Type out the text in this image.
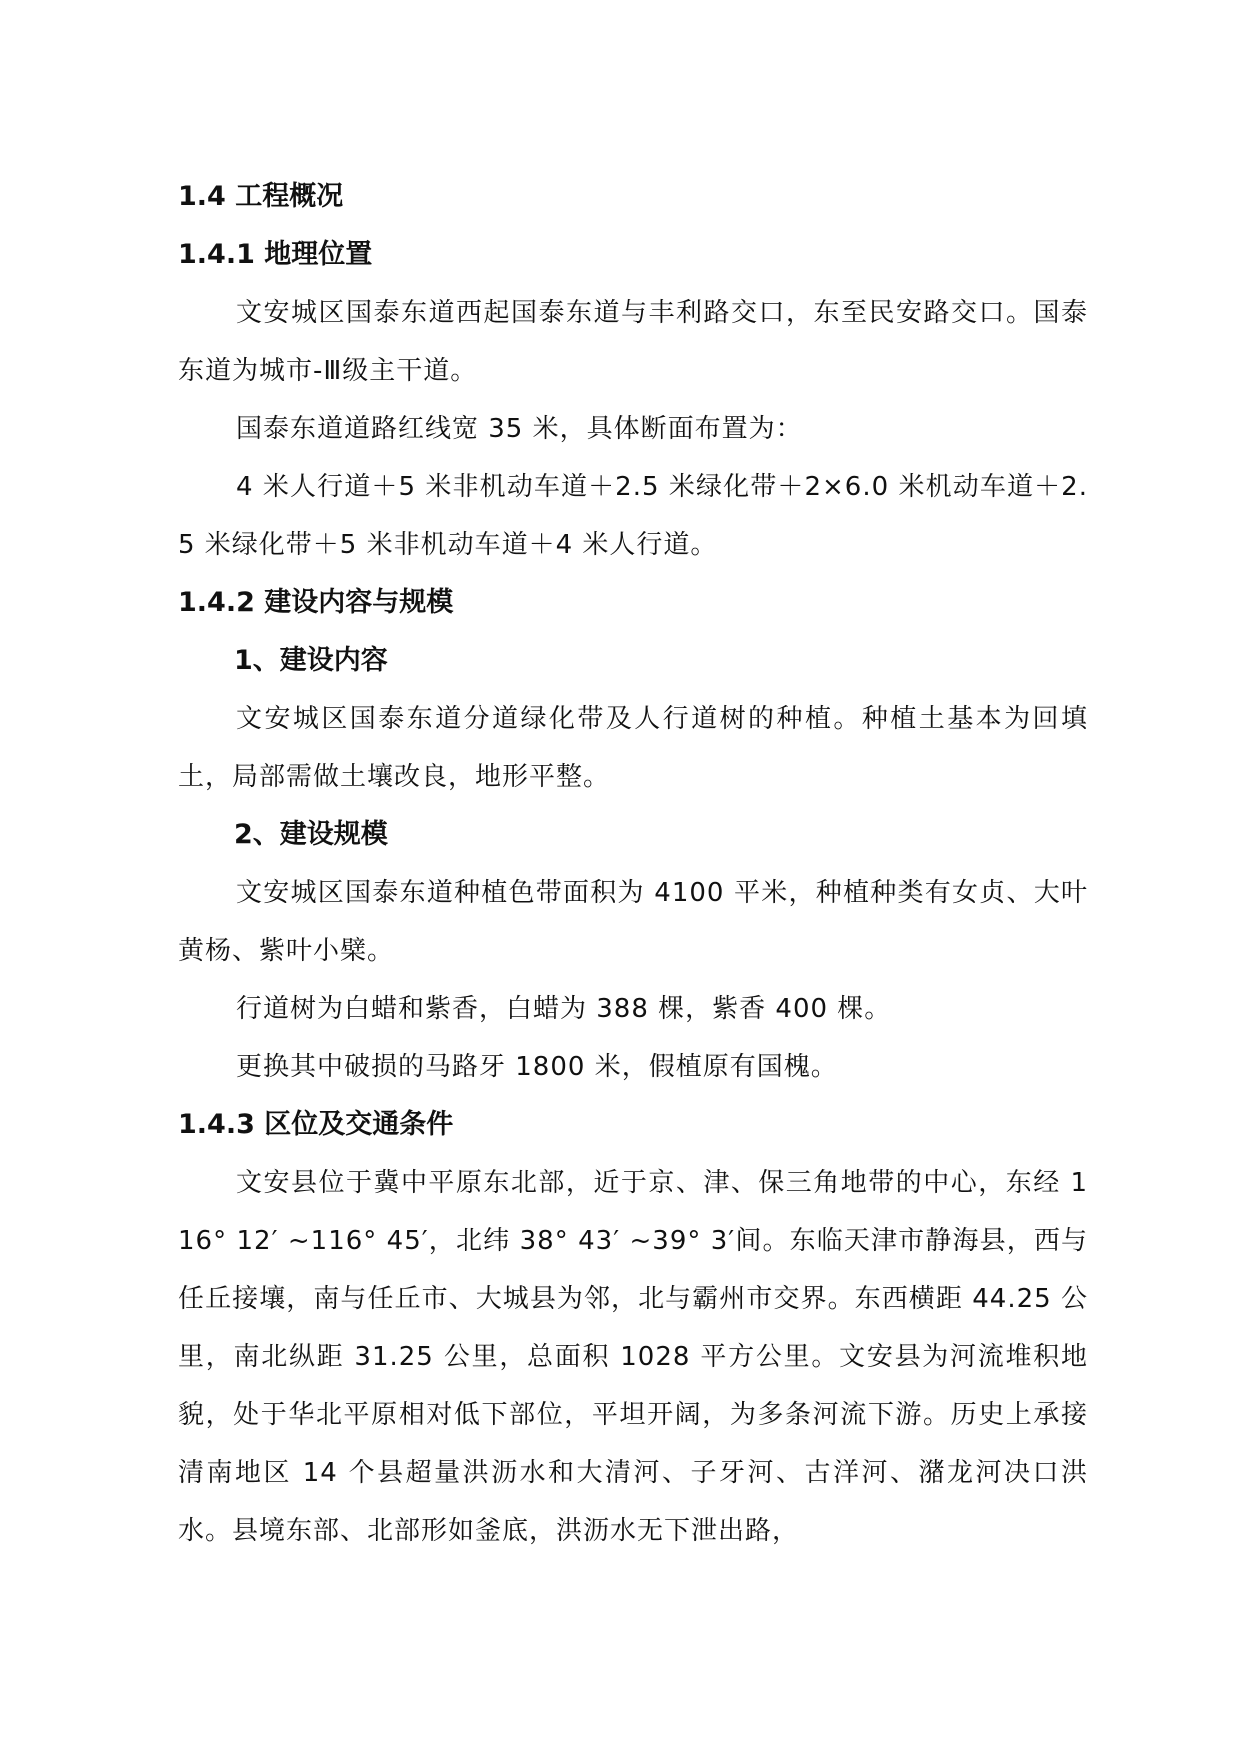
1.4 工程概况
1.4.1 地理位置

文安城区国泰东道西起国泰东道与丰利路交口，东至民安路交口。国泰东道为城市-Ⅲ级主干道。

国泰东道道路红线宽 35 米，具体断面布置为：

4 米人行道＋5 米非机动车道＋2.5 米绿化带＋2×6.0 米机动车道＋2.5 米绿化带＋5 米非机动车道＋4 米人行道。

1.4.2 建设内容与规模
1、建设内容

文安城区国泰东道分道绿化带及人行道树的种植。种植土基本为回填土，局部需做土壤改良，地形平整。

2、建设规模

文安城区国泰东道种植色带面积为 4100 平米，种植种类有女贞、大叶黄杨、紫叶小檗。

行道树为白蜡和紫香，白蜡为 388 棵，紫香 400 棵。

更换其中破损的马路牙 1800 米，假植原有国槐。

1.4.3 区位及交通条件

文安县位于冀中平原东北部，近于京、津、保三角地带的中心，东经 116° 12′ ~116° 45′，北纬 38° 43′ ~39° 3′间。东临天津市静海县，西与任丘接壤，南与任丘市、大城县为邻，北与霸州市交界。东西横距 44.25 公里，南北纵距 31.25 公里，总面积 1028 平方公里。文安县为河流堆积地貌，处于华北平原相对低下部位，平坦开阔，为多条河流下游。历史上承接清南地区 14 个县超量洪沥水和大清河、子牙河、古洋河、潴龙河决口洪水。县境东部、北部形如釜底，洪沥水无下泄出路，
